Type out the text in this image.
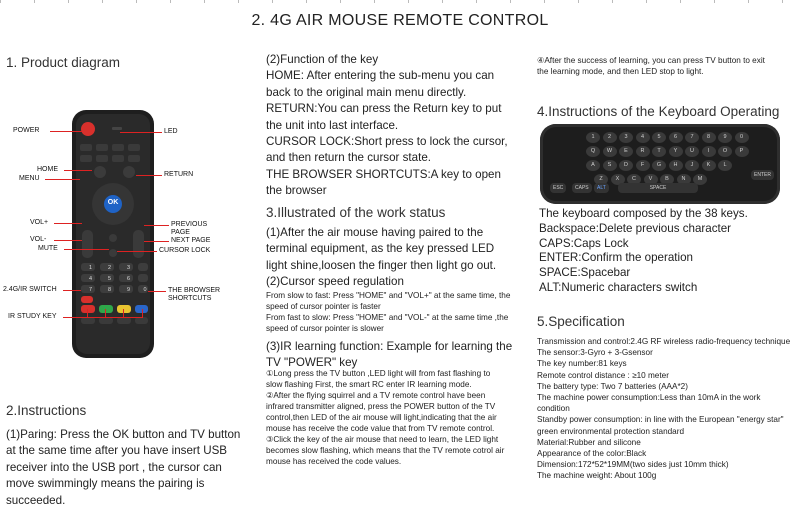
2. 4G AIR MOUSE REMOTE CONTROL
1. Product diagram
OK
1	2	3
4	5	6
7	8	9 0
POWER	LED
HOME
MENU
RETURN
VOL+
VOL-
MUTE
PREVIOUS PAGE
NEXT PAGE
CURSOR LOCK
2.4G/IR SWITCH	THE BROWSER SHORTCUTS
IR STUDY KEY
2.Instructions
(1)Paring: Press the OK button and TV button at the same time after you have insert USB receiver into the USB port , the cursor can move swimmingly means the pairing is succeeded.

(2)Function of the key

HOME: After entering the sub-menu you can back to the original main menu directly.

RETURN:You can press the Return key to put the unit into last interface.

CURSOR LOCK:Short press to lock the cursor, and then return the cursor state.

THE BROWSER SHORTCUTS:A key to open the browser

3.Illustrated of the work status
(1)After the air mouse having paired to the terminal equipment, as the key pressed LED light shine,loosen the finger then light go out.
(2)Cursor speed regulation

From slow to fast: Press "HOME" and "VOL+" at the same time, the speed of cursor pointer is faster

From fast to slow: Press "HOME" and "VOL-" at the same time ,the speed of cursor pointer is slower

(3)IR learning function: Example for learning the TV "POWER" key

①Long press the TV button ,LED light will from fast flashing to slow flashing First, the smart RC enter IR learning mode.

②After the flying squirrel and a TV remote control have been infrared transmitter aligned, press the POWER button of the TV control,then LED of the air mouse will light,indicating that the air mouse has receive the code value that from TV remote control.

③Click the key of the air mouse that need to learn, the LED light becomes slow flashing, which means that the TV remote cotrol air mouse has received the code values.

④After the success of learning, you can press TV button to exit the learning mode, and then LED stop to light.
4.Instructions of the Keyboard Operating
1 2 3 4 5 6 7 8 9 0
Q W E R T Y U	I O P
A S D F G H J K L
Z X C V B N M
ESC	CAPS	ALT	SPACE
ENTER

The keyboard composed by the 38 keys.

Backspace:Delete previous character

CAPS:Caps Lock

ENTER:Confirm the operation

SPACE:Spacebar

ALT:Numeric characters switch

5.Specification

Transmission and control:2.4G RF wireless radio-frequency technique

The sensor:3-Gyro + 3-Gsensor

The key number:81 keys

Remote control distance : ≥10 meter

The battery type: Two 7 batteries (AAA*2)

The machine power consumption:Less than 10mA in the work condition

Standby power consumption: in line with the European "energy star" green environmental protection standard

Material:Rubber and silicone

Appearance of the color:Black

Dimension:172*52*19MM(two sides just 10mm thick)

The machine weight: About 100g
